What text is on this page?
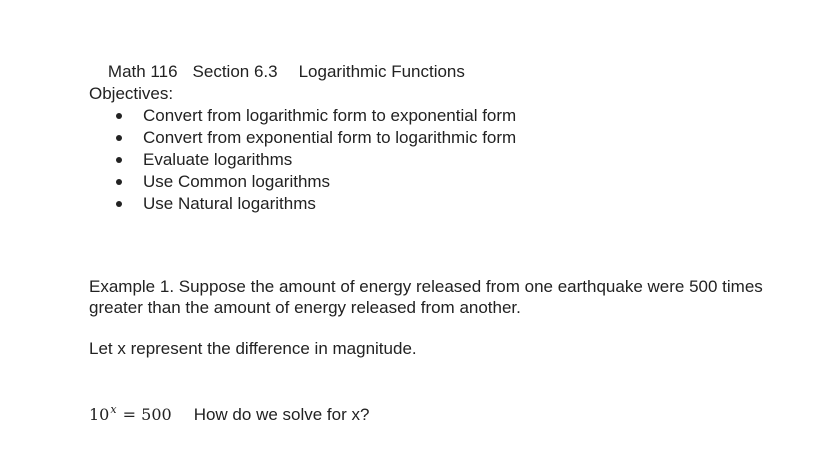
Math 116 Section 6.3 Logarithmic Functions

Objectives:
Convert from logarithmic form to exponential form
Convert from exponential form to logarithmic form
Evaluate logarithms
Use Common logarithms
Use Natural logarithms
Example 1. Suppose the amount of energy released from one earthquake were 500 times greater than the amount of energy released from another.
Let x represent the difference in magnitude.
$10^x = 500$ How do we solve for x?
